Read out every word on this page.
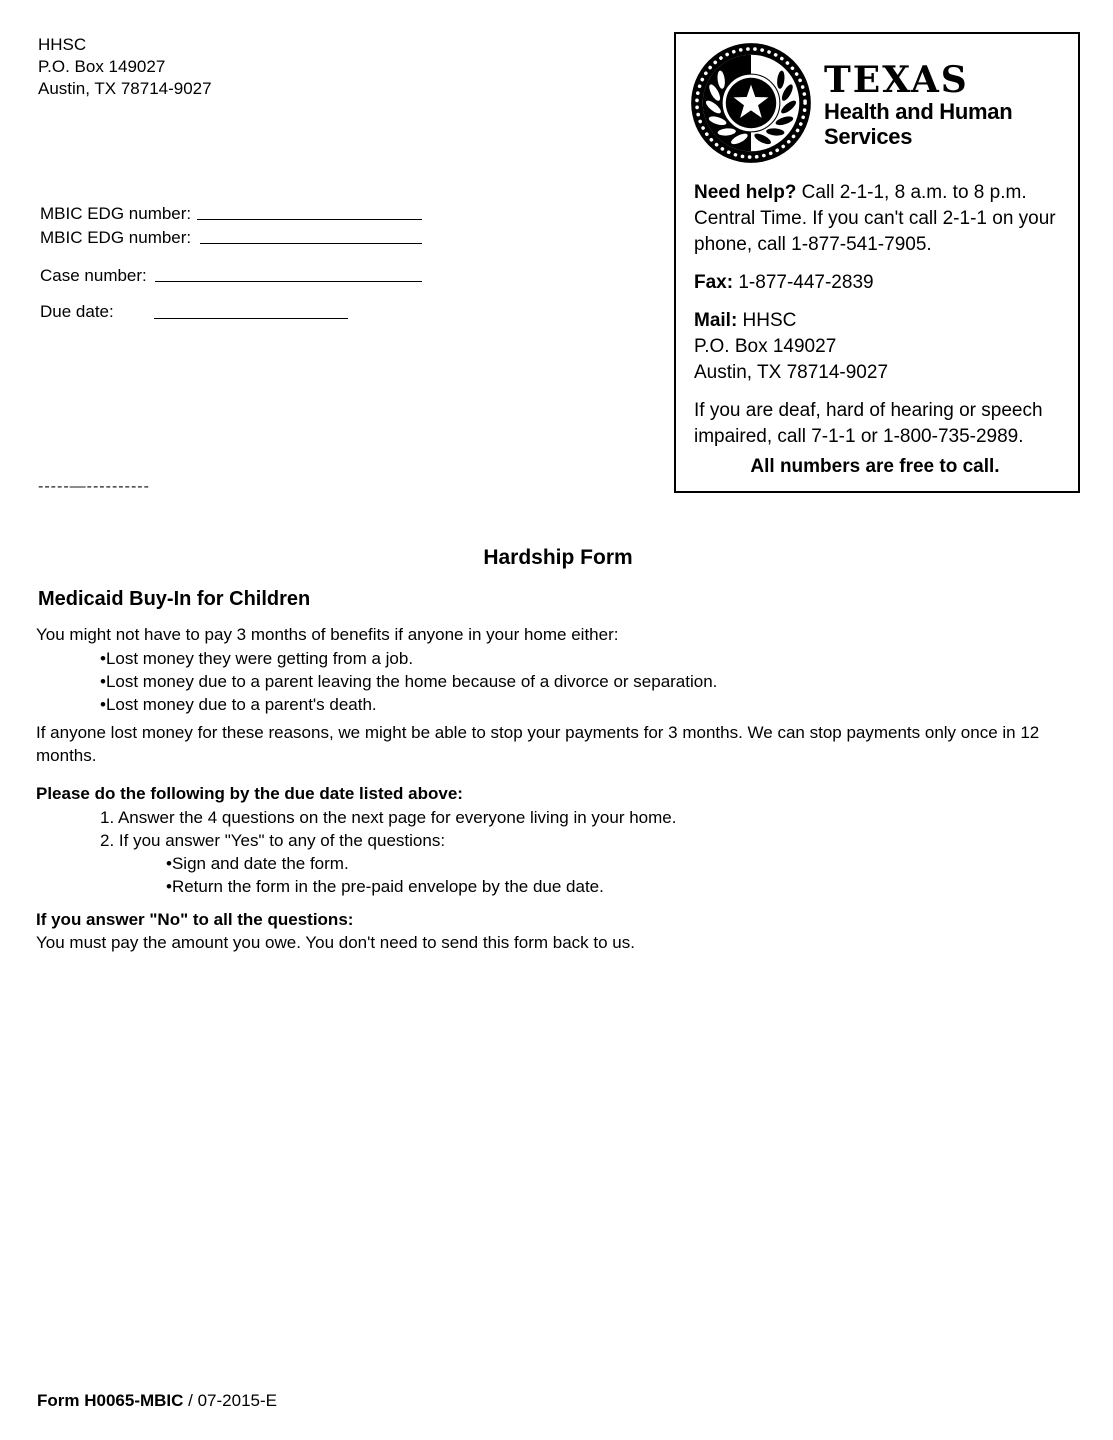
HHSC
P.O. Box 149027
Austin, TX 78714-9027
MBIC EDG number:
MBIC EDG number:
Case number:
Due date:
-----—----------
TEXAS
Health and Human
Services
Need help? Call 2-1-1, 8 a.m. to 8 p.m. Central Time. If you can't call 2-1-1 on your phone, call 1-877-541-7905.
Fax: 1-877-447-2839
Mail: HHSC
P.O. Box 149027
Austin, TX 78714-9027
If you are deaf, hard of hearing or speech impaired, call 7-1-1 or 1-800-735-2989.
All numbers are free to call.
Hardship Form
Medicaid Buy-In for Children

You might not have to pay 3 months of benefits if anyone in your home either:

• Lost money they were getting from a job.
• Lost money due to a parent leaving the home because of a divorce or separation.
• Lost money due to a parent's death.

If anyone lost money for these reasons, we might be able to stop your payments for 3 months. We can stop payments only once in 12 months.

Please do the following by the due date listed above:
1. Answer the 4 questions on the next page for everyone living in your home.
2. If you answer "Yes" to any of the questions:
• Sign and date the form.
• Return the form in the pre-paid envelope by the due date.
If you answer "No" to all the questions:

You must pay the amount you owe. You don't need to send this form back to us.

Form H0065-MBIC / 07-2015-E
